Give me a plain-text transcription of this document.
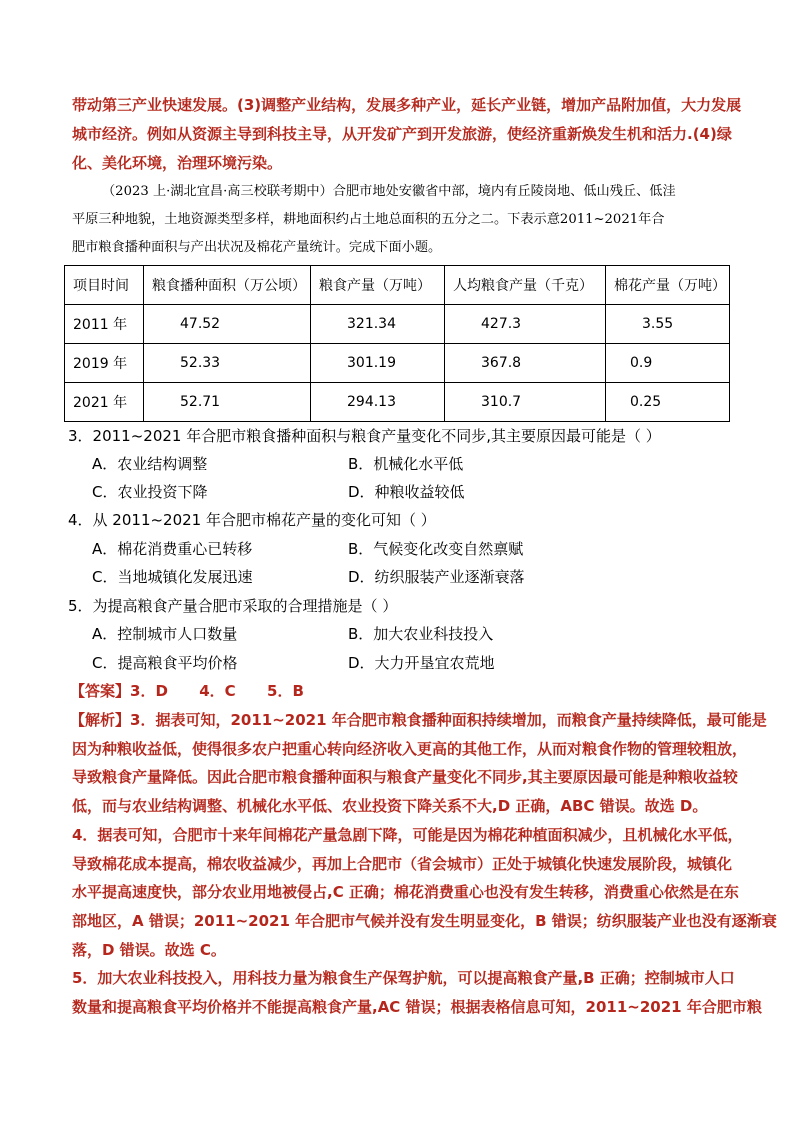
带动第三产业快速发展。(3)调整产业结构，发展多种产业，延长产业链，增加产品附加值，大力发展
城市经济。例如从资源主导到科技主导，从开发矿产到开发旅游，使经济重新焕发生机和活力.(4)绿
化、美化环境，治理环境污染。
（2023 上·湖北宜昌·高三校联考期中）合肥市地处安徽省中部，境内有丘陵岗地、低山残丘、低洼
平原三种地貌，土地资源类型多样，耕地面积约占土地总面积的五分之二。下表示意2011~2021年合
肥市粮食播种面积与产出状况及棉花产量统计。完成下面小题。
项目时间	粮食播种面积（万公顷）	粮食产量（万吨）	人均粮食产量（千克）	棉花产量（万吨）
2011 年	47.52	321.34	427.3	3.55
2019 年	52.33	301.19	367.8	0.9
2021 年	52.71	294.13	310.7	0.25
3．2011~2021 年合肥市粮食播种面积与粮食产量变化不同步,其主要原因最可能是（ ）
A．农业结构调整	B．机械化水平低
C．农业投资下降	D．种粮收益较低
4．从 2011~2021 年合肥市棉花产量的变化可知（ ）
A．棉花消费重心已转移	B．气候变化改变自然禀赋
C．当地城镇化发展迅速	D．纺织服装产业逐渐衰落
5．为提高粮食产量合肥市采取的合理措施是（ ）
A．控制城市人口数量	B．加大农业科技投入
C．提高粮食平均价格	D．大力开垦宜农荒地
【答案】3．D      4．C      5．B
【解析】3．据表可知，2011~2021 年合肥市粮食播种面积持续增加，而粮食产量持续降低，最可能是
因为种粮收益低，使得很多农户把重心转向经济收入更高的其他工作，从而对粮食作物的管理较粗放，
导致粮食产量降低。因此合肥市粮食播种面积与粮食产量变化不同步,其主要原因最可能是种粮收益较
低，而与农业结构调整、机械化水平低、农业投资下降关系不大,D 正确，ABC 错误。故选 D。
4．据表可知，合肥市十来年间棉花产量急剧下降，可能是因为棉花种植面积减少，且机械化水平低，
导致棉花成本提高，棉农收益减少，再加上合肥市（省会城市）正处于城镇化快速发展阶段，城镇化
水平提高速度快，部分农业用地被侵占,C 正确；棉花消费重心也没有发生转移，消费重心依然是在东
部地区，A 错误；2011~2021 年合肥市气候并没有发生明显变化，B 错误；纺织服装产业也没有逐渐衰
落，D 错误。故选 C。
5．加大农业科技投入，用科技力量为粮食生产保驾护航，可以提高粮食产量,B 正确；控制城市人口
数量和提高粮食平均价格并不能提高粮食产量,AC 错误；根据表格信息可知，2011~2021 年合肥市粮
